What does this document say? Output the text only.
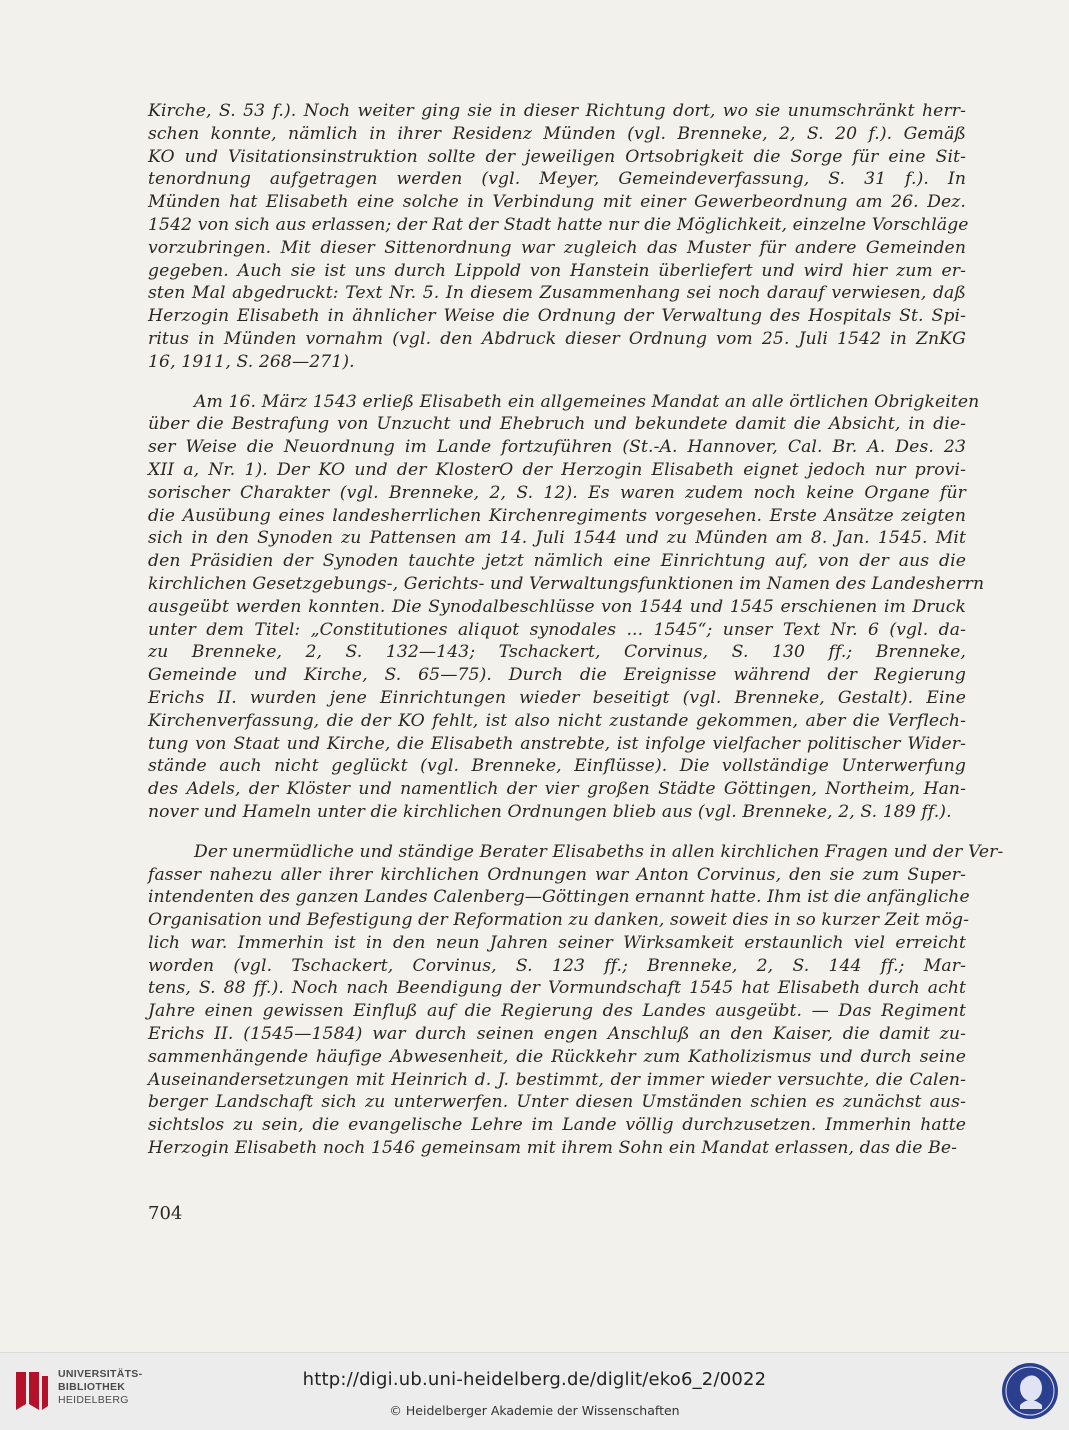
Kirche, S. 53 f.). Noch weiter ging sie in dieser Richtung dort, wo sie unumschränkt herr-
schen konnte, nämlich in ihrer Residenz Münden (vgl. Brenneke, 2, S. 20 f.). Gemäß
KO und Visitationsinstruktion sollte der jeweiligen Ortsobrigkeit die Sorge für eine Sit-
tenordnung aufgetragen werden (vgl. Meyer, Gemeindeverfassung, S. 31 f.). In
Münden hat Elisabeth eine solche in Verbindung mit einer Gewerbeordnung am 26. Dez.
1542 von sich aus erlassen; der Rat der Stadt hatte nur die Möglichkeit, einzelne Vorschläge
vorzubringen. Mit dieser Sittenordnung war zugleich das Muster für andere Gemeinden
gegeben. Auch sie ist uns durch Lippold von Hanstein überliefert und wird hier zum er-
sten Mal abgedruckt: Text Nr. 5. In diesem Zusammenhang sei noch darauf verwiesen, daß
Herzogin Elisabeth in ähnlicher Weise die Ordnung der Verwaltung des Hospitals St. Spi-
ritus in Münden vornahm (vgl. den Abdruck dieser Ordnung vom 25. Juli 1542 in ZnKG
16, 1911, S. 268—271).

Am 16. März 1543 erließ Elisabeth ein allgemeines Mandat an alle örtlichen Obrigkeiten
über die Bestrafung von Unzucht und Ehebruch und bekundete damit die Absicht, in die-
ser Weise die Neuordnung im Lande fortzuführen (St.-A. Hannover, Cal. Br. A. Des. 23
XII a, Nr. 1). Der KO und der KlosterO der Herzogin Elisabeth eignet jedoch nur provi-
sorischer Charakter (vgl. Brenneke, 2, S. 12). Es waren zudem noch keine Organe für
die Ausübung eines landesherrlichen Kirchenregiments vorgesehen. Erste Ansätze zeigten
sich in den Synoden zu Pattensen am 14. Juli 1544 und zu Münden am 8. Jan. 1545. Mit
den Präsidien der Synoden tauchte jetzt nämlich eine Einrichtung auf, von der aus die
kirchlichen Gesetzgebungs-, Gerichts- und Verwaltungsfunktionen im Namen des Landesherrn
ausgeübt werden konnten. Die Synodalbeschlüsse von 1544 und 1545 erschienen im Druck
unter dem Titel: „Constitutiones aliquot synodales ... 1545“; unser Text Nr. 6 (vgl. da-
zu Brenneke, 2, S. 132—143; Tschackert, Corvinus, S. 130 ff.; Brenneke,
Gemeinde und Kirche, S. 65—75). Durch die Ereignisse während der Regierung
Erichs II. wurden jene Einrichtungen wieder beseitigt (vgl. Brenneke, Gestalt). Eine
Kirchenverfassung, die der KO fehlt, ist also nicht zustande gekommen, aber die Verflech-
tung von Staat und Kirche, die Elisabeth anstrebte, ist infolge vielfacher politischer Wider-
stände auch nicht geglückt (vgl. Brenneke, Einflüsse). Die vollständige Unterwerfung
des Adels, der Klöster und namentlich der vier großen Städte Göttingen, Northeim, Han-
nover und Hameln unter die kirchlichen Ordnungen blieb aus (vgl. Brenneke, 2, S. 189 ff.).

Der unermüdliche und ständige Berater Elisabeths in allen kirchlichen Fragen und der Ver-
fasser nahezu aller ihrer kirchlichen Ordnungen war Anton Corvinus, den sie zum Super-
intendenten des ganzen Landes Calenberg—Göttingen ernannt hatte. Ihm ist die anfängliche
Organisation und Befestigung der Reformation zu danken, soweit dies in so kurzer Zeit mög-
lich war. Immerhin ist in den neun Jahren seiner Wirksamkeit erstaunlich viel erreicht
worden (vgl. Tschackert, Corvinus, S. 123 ff.; Brenneke, 2, S. 144 ff.; Mar-
tens, S. 88 ff.). Noch nach Beendigung der Vormundschaft 1545 hat Elisabeth durch acht
Jahre einen gewissen Einfluß auf die Regierung des Landes ausgeübt. — Das Regiment
Erichs II. (1545—1584) war durch seinen engen Anschluß an den Kaiser, die damit zu-
sammenhängende häufige Abwesenheit, die Rückkehr zum Katholizismus und durch seine
Auseinandersetzungen mit Heinrich d. J. bestimmt, der immer wieder versuchte, die Calen-
berger Landschaft sich zu unterwerfen. Unter diesen Umständen schien es zunächst aus-
sichtslos zu sein, die evangelische Lehre im Lande völlig durchzusetzen. Immerhin hatte
Herzogin Elisabeth noch 1546 gemeinsam mit ihrem Sohn ein Mandat erlassen, das die Be-

704

UNIVERSITÄTS-
BIBLIOTHEK
HEIDELBERG
http://digi.ub.uni-heidelberg.de/diglit/eko6_2/0022
© Heidelberger Akademie der Wissenschaften
